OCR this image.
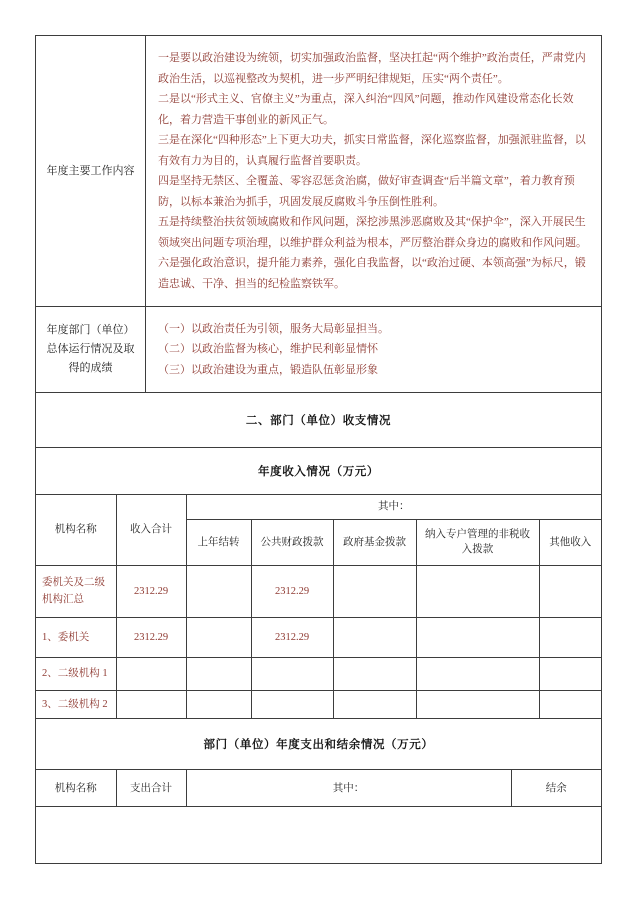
年度主要工作内容

一是要以政治建设为统领，切实加强政治监督，坚决扛起“两个维护”政治责任，严肃党内政治生活，以巡视整改为契机，进一步严明纪律规矩，压实“两个责任”。

二是以“形式主义、官僚主义”为重点，深入纠治“四风”问题，推动作风建设常态化长效化，着力营造干事创业的新风正气。

三是在深化“四种形态”上下更大功夫，抓实日常监督，深化巡察监督，加强派驻监督，以有效有力为目的，认真履行监督首要职责。

四是坚持无禁区、全覆盖、零容忍惩贪治腐，做好审查调查“后半篇文章”，着力教育预防，以标本兼治为抓手，巩固发展反腐败斗争压倒性胜利。

五是持续整治扶贫领域腐败和作风问题，深挖涉黑涉恶腐败及其“保护伞”，深入开展民生领域突出问题专项治理，以维护群众利益为根本，严厉整治群众身边的腐败和作风问题。

六是强化政治意识，提升能力素养，强化自我监督，以“政治过硬、本领高强”为标尺，锻造忠诚、干净、担当的纪检监察铁军。

年度部门（单位）总体运行情况及取得的成绩

（一）以政治责任为引领，服务大局彰显担当。

（二）以政治监督为核心，维护民利彰显情怀

（三）以政治建设为重点，锻造队伍彰显形象

二、部门（单位）收支情况
年度收入情况（万元）
机构名称	收入合计	其中：				
		上年结转	公共财政拨款	政府基金拨款	纳入专户管理的非税收入拨款	其他收入
委机关及二级机构汇总	2312.29		2312.29			
1、委机关	2312.29		2312.29			
2、二级机构 1						
3、二级机构 2						
部门（单位）年度支出和结余情况（万元）
机构名称	支出合计	其中：	结余
